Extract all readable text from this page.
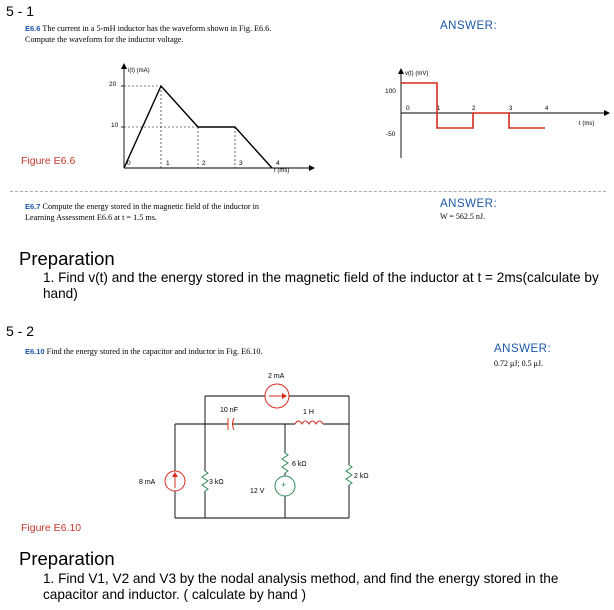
5 - 1
E6.6 The current in a 5-mH inductor has the waveform shown in Fig. E6.6.
Compute the waveform for the inductor voltage.
ANSWER:
i(t) (mA)
t (ms)
20
10
0	1	2	3	4
Figure E6.6
v(t) (mV)
t (ms)
100
0
-50
1	2	3	4
E6.7 Compute the energy stored in the magnetic field of the inductor in
Learning Assessment E6.6 at t = 1.5 ms.
ANSWER:
W = 562.5 nJ.
Preparation
1. Find v(t) and the energy stored in the magnetic field of the inductor at t = 2ms(calculate by hand)
5 - 2
E6.10 Find the energy stored in the capacitor and inductor in Fig. E6.10.	ANSWER:
0.72 μJ; 0.5 μJ.
2 mA
10 nF	1 H
6 kΩ
+
12 V
8 mA	3 kΩ
2 kΩ
Figure E6.10
Preparation
1. Find V1, V2 and V3 by the nodal analysis method, and find the energy stored in the capacitor and inductor. ( calculate by hand )
